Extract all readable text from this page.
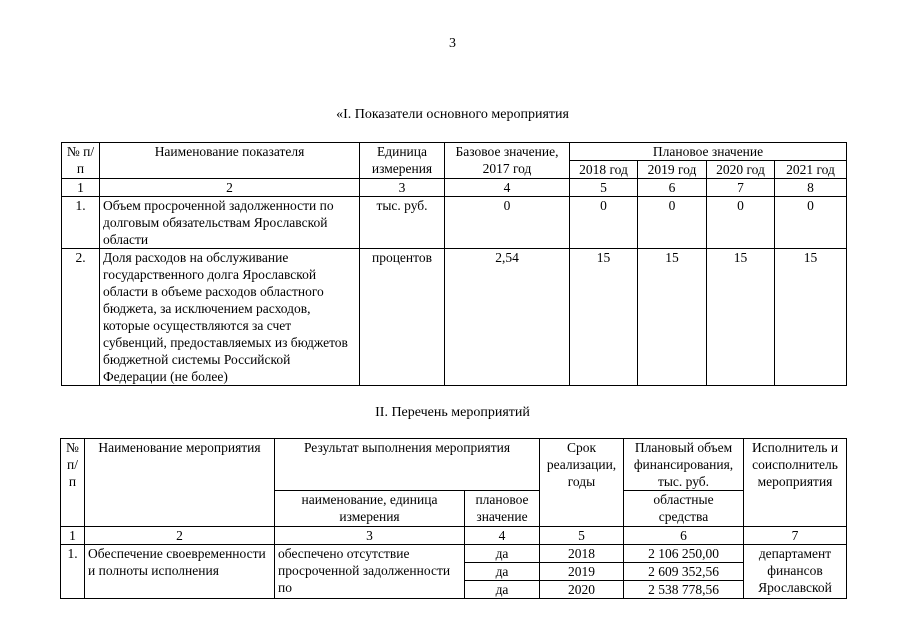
3
«I. Показатели основного мероприятия
№ п/п	Наименование показателя	Единица измерения	Базовое значение, 2017 год	Плановое значение			
				2018 год	2019 год	2020 год	2021 год
1	2	3	4	5	6	7	8
1.	Объем просроченной задолженности по долговым обязательствам Ярославской области	тыс. руб.	0	0	0	0	0
2.	Доля расходов на обслуживание государственного долга Ярославской области в объеме расходов областного бюджета, за исключением расходов, которые осуществляются за счет субвенций, предоставляемых из бюджетов бюджетной системы Российской Федерации (не более)	процентов	2,54	15	15	15	15
II. Перечень мероприятий
№ п/п	Наименование мероприятия	Результат выполнения мероприятия		Срок реализации, годы	Плановый объем финансирования, тыс. руб.	Исполнитель и соисполнитель мероприятия
		наименование, единица измерения	плановое значение		областные средства	
1	2	3	4	5	6	7
1.	Обеспечение своевременности и полноты исполнения	обеспечено отсутствие просроченной задолженности по	да	2018	2 106 250,00	департамент финансов Ярославской
			да	2019	2 609 352,56	
			да	2020	2 538 778,56	
